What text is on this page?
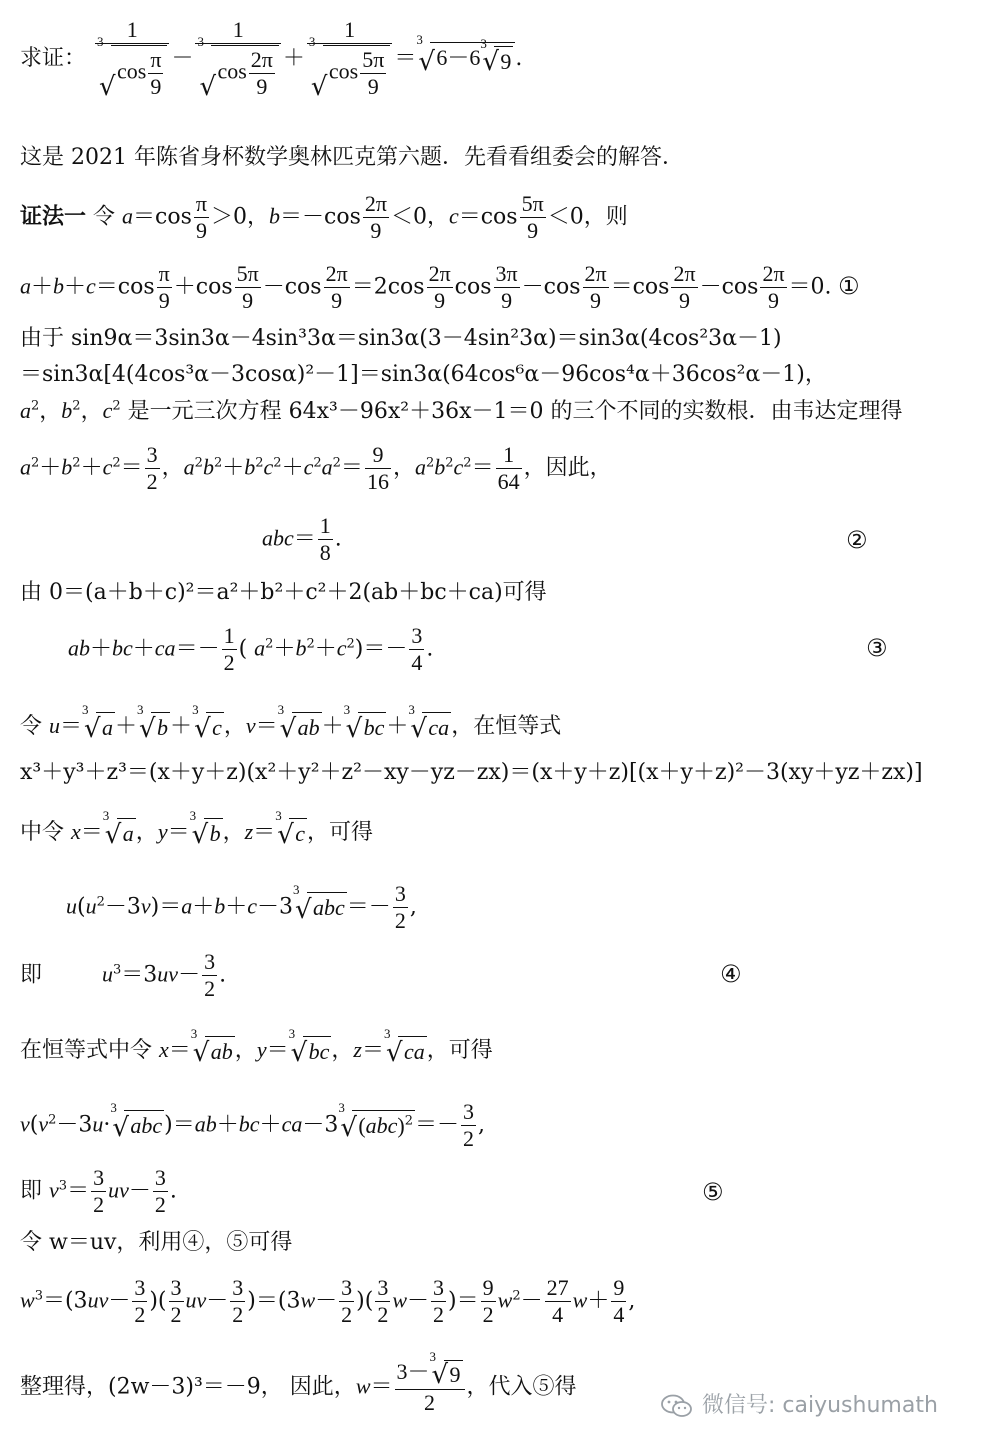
求证： 1
3
√
$\cos \frac{\pi}{9} - 1$
3
√
$\cos \frac{2\pi}{9} + 1$
3
√
$\cos \frac{5\pi}{9}$ ＝
3
√ 6－6
3
√ 9 .
这是 2021 年陈省身杯数学奥林匹克第六题．先看看组委会的解答．
证法一 令 $a=\cos \frac{\pi}{9} >0$，$b=-\cos \frac{2\pi}{9} <0$，$c=\cos \frac{5\pi}{9} <0$，则
$a+b+c=\cos \frac{\pi}{9} +\cos \frac{5\pi}{9} -\cos \frac{2\pi}{9} =2\cos \frac{2\pi}{9}$ $\cos \frac{3\pi}{9} -\cos \frac{2\pi}{9} =\cos \frac{2\pi}{9} -\cos \frac{2\pi}{9} =0$. ①
由于 sin9α＝3sin3α－4sin³3α＝sin3α(3－4sin²3α)＝sin3α(4cos²3α－1)
＝sin3α[4(4cos³α－3cosα)²－1]＝sin3α(64cos⁶α－96cos⁴α＋36cos²α－1)，
$a^2$，$b^2$，$c^2$ 是一元三次方程 64x³－96x²＋36x－1＝0 的三个不同的实数根．由韦达定理得
$a^2+b^2+c^2= \frac{3}{2}$ ，$a^2b^2+b^2c^2+c^2a^2= \frac{9}{16}$ ，$a^2b^2c^2= \frac{1}{64}$ ，因此，
$abc= \frac{1}{8}$ .	②
由 0＝(a＋b＋c)²＝a²＋b²＋c²＋2(ab＋bc＋ca)可得
$ab+bc+ca=- \frac{1}{2}$ ( $a^2+b^2+c^2)=- \frac{3}{4}$ .	③
令 u＝
3
√ a＋
3
√ b＋
3
√ c，v＝
3
√ ab＋
3
√ bc＋
3
√ ca，在恒等式
x³＋y³＋z³＝(x＋y＋z)(x²＋y²＋z²－xy－yz－zx)＝(x＋y＋z)[(x＋y＋z)²－3(xy＋yz＋zx)]
中令 x＝
3
√ a，y＝
3
√ b，z＝
3
√ c，可得
$u(u^2-3v)=a+b+c-3$
3
√ $abc=- \frac{3}{2}$ ,
即	$u^3=3uv- \frac{3}{2}$ .	④
在恒等式中令 x＝
3
√ ab，y＝
3
√ bc，z＝
3
√ ca，可得
$v(v^2-3u\cdot$
3
√ abc)＝ab＋bc＋ca－3
3
√ $(abc)^2=- \frac{3}{2}$ ,
即 $v^3= \frac{3}{2} uv- \frac{3}{2}$ .	⑤
令 w＝uv，利用④，⑤可得
$w^3=(3uv- \frac{3}{2}$ )( $\frac{3}{2} uv- \frac{3}{2} )=(3w- \frac{3}{2}$ )( $\frac{3}{2} w- \frac{3}{2}$ )＝ $\frac{9}{2} w^2- \frac{27}{4} w+ \frac{9}{4}$ ,
整理得，(2w－3)³＝－9， 因此，w＝ 3－
3
√ 9
2 ，代入⑤得
微信号: caiyushumath
